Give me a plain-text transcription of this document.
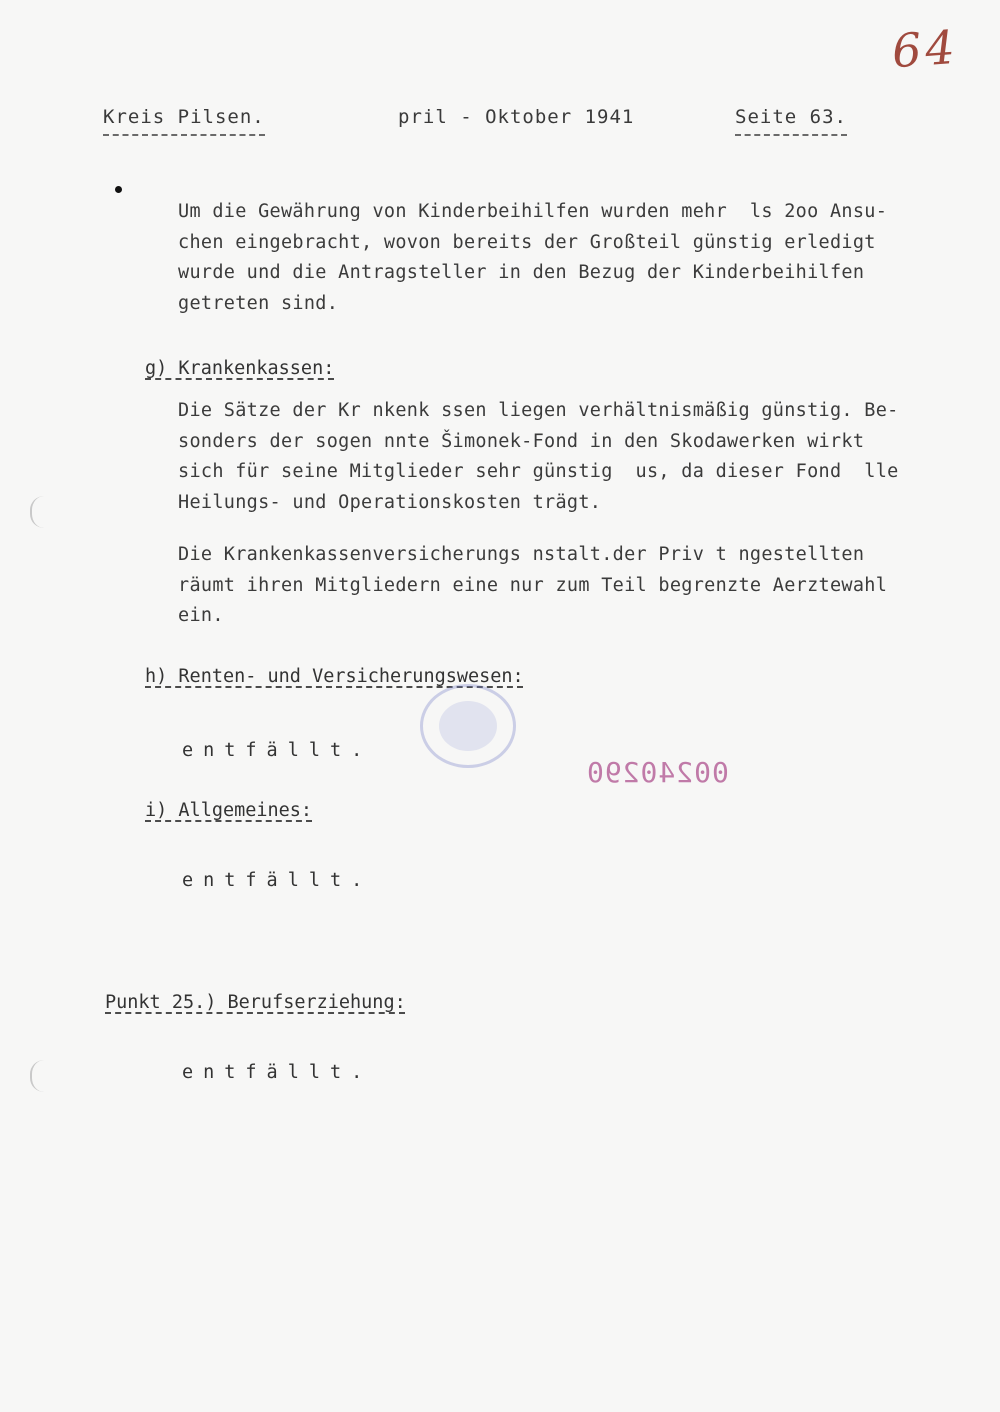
64
Kreis Pilsen.	pril - Oktober 1941	Seite 63.
Um die Gewährung von Kinderbeihilfen wurden mehr  ls 2oo Ansu-
chen eingebracht, wovon bereits der Großteil günstig erledigt
wurde und die Antragsteller in den Bezug der Kinderbeihilfen
getreten sind.
g) Krankenkassen:
Die Sätze der Kr nkenk ssen liegen verhältnismäßig günstig. Be-
sonders der sogen nnte Šimonek-Fond in den Skodawerken wirkt
sich für seine Mitglieder sehr günstig  us, da dieser Fond  lle
Heilungs- und Operationskosten trägt.
Die Krankenkassenversicherungs nstalt.der Priv t ngestellten
räumt ihren Mitgliedern eine nur zum Teil begrenzte Aerztewahl
ein.
h) Renten- und Versicherungswesen:
entfällt.
i) Allgemeines:
entfällt.
Punkt 25.) Berufserziehung:
entfällt.
00240290
